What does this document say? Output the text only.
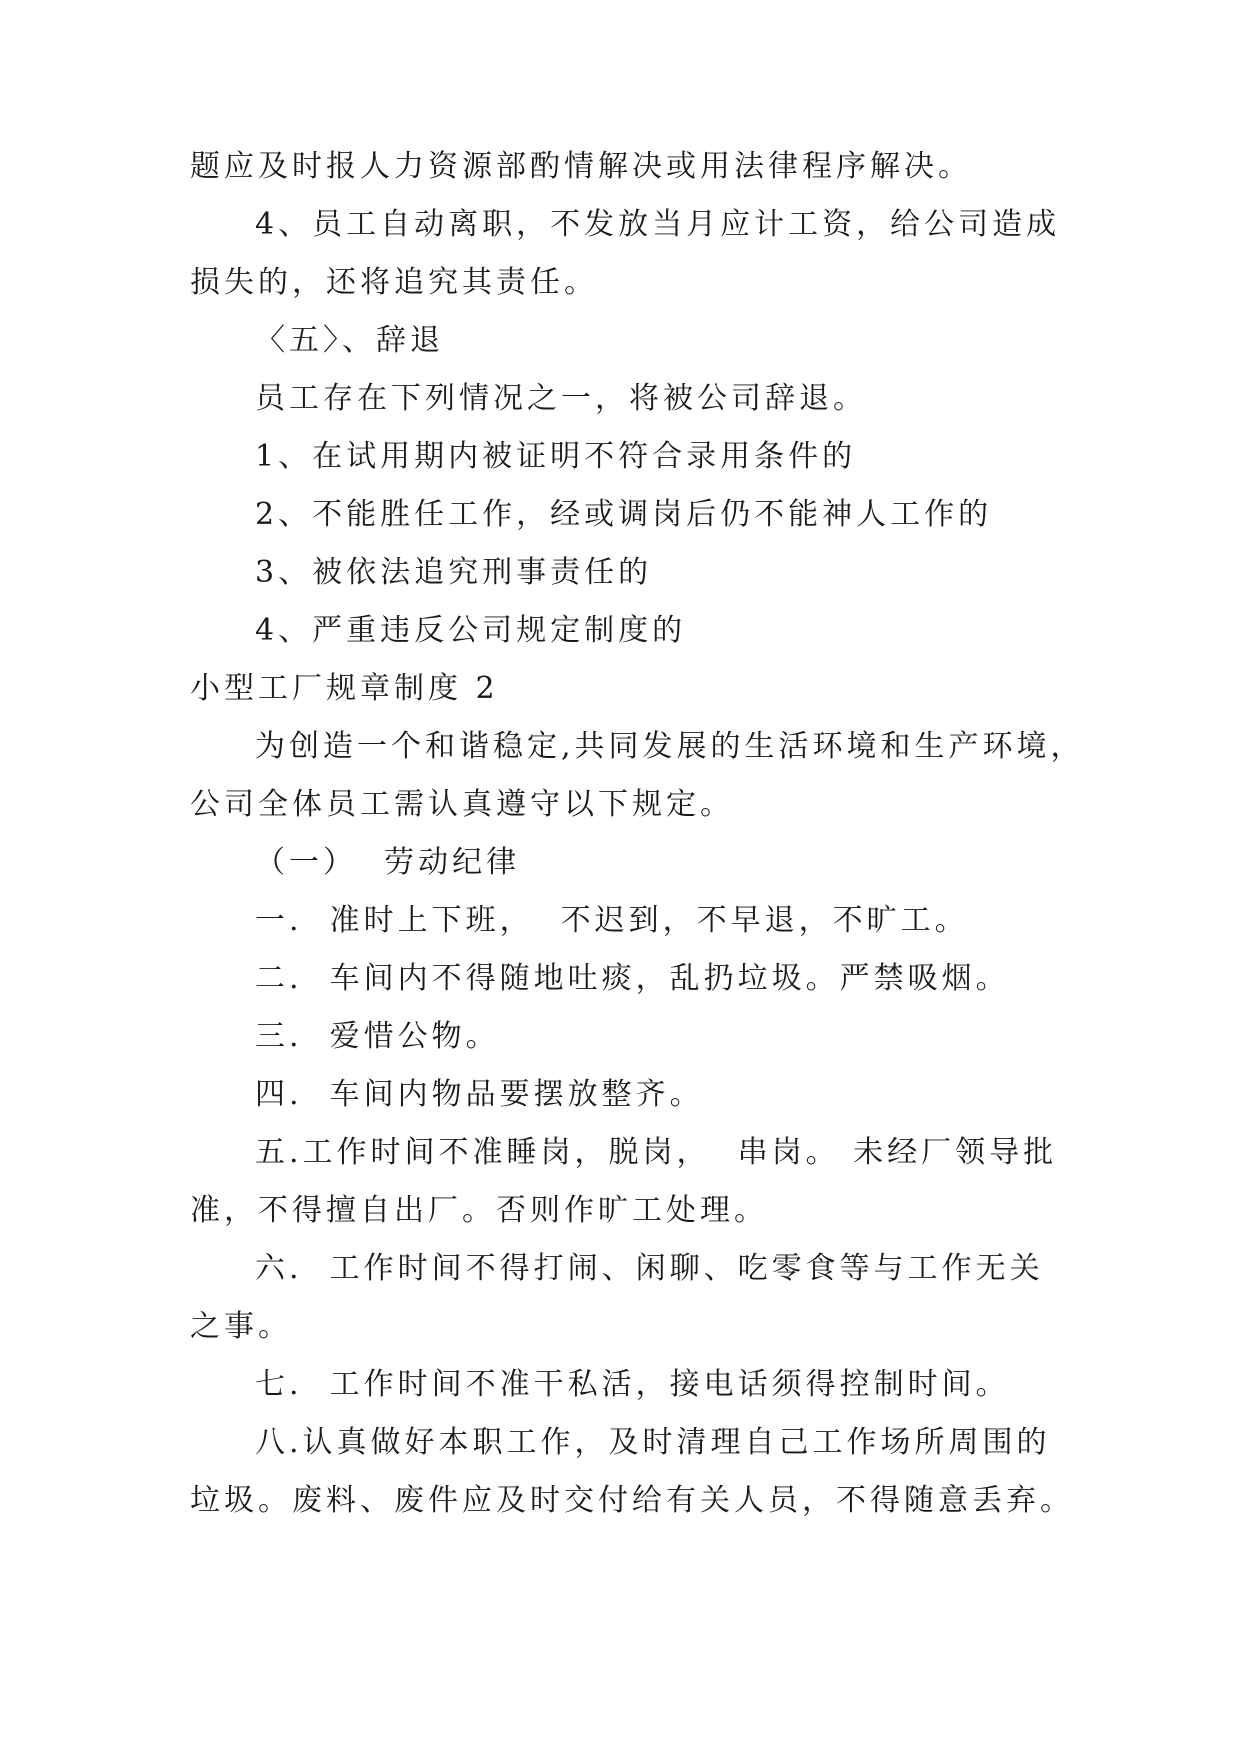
题应及时报人力资源部酌情解决或用法律程序解决。
4、员工自动离职，不发放当月应计工资，给公司造成
损失的，还将追究其责任。
〈五〉、辞退
员工存在下列情况之一，将被公司辞退。
1、在试用期内被证明不符合录用条件的
2、不能胜任工作，经或调岗后仍不能神人工作的
3、被依法追究刑事责任的
4、严重违反公司规定制度的
小型工厂规章制度 2
为创造一个和谐稳定,共同发展的生活环境和生产环境，
公司全体员工需认真遵守以下规定。
（一）  劳动纪律
一.  准时上下班，  不迟到，不早退，不旷工。
二.  车间内不得随地吐痰，乱扔垃圾。严禁吸烟。
三.  爱惜公物。
四.  车间内物品要摆放整齐。
五.工作时间不准睡岗，脱岗，  串岗。 未经厂领导批
准，不得擅自出厂。否则作旷工处理。
六.  工作时间不得打闹、闲聊、吃零食等与工作无关
之事。
七.  工作时间不准干私活，接电话须得控制时间。
八.认真做好本职工作，及时清理自己工作场所周围的
垃圾。废料、废件应及时交付给有关人员，不得随意丢弃。
